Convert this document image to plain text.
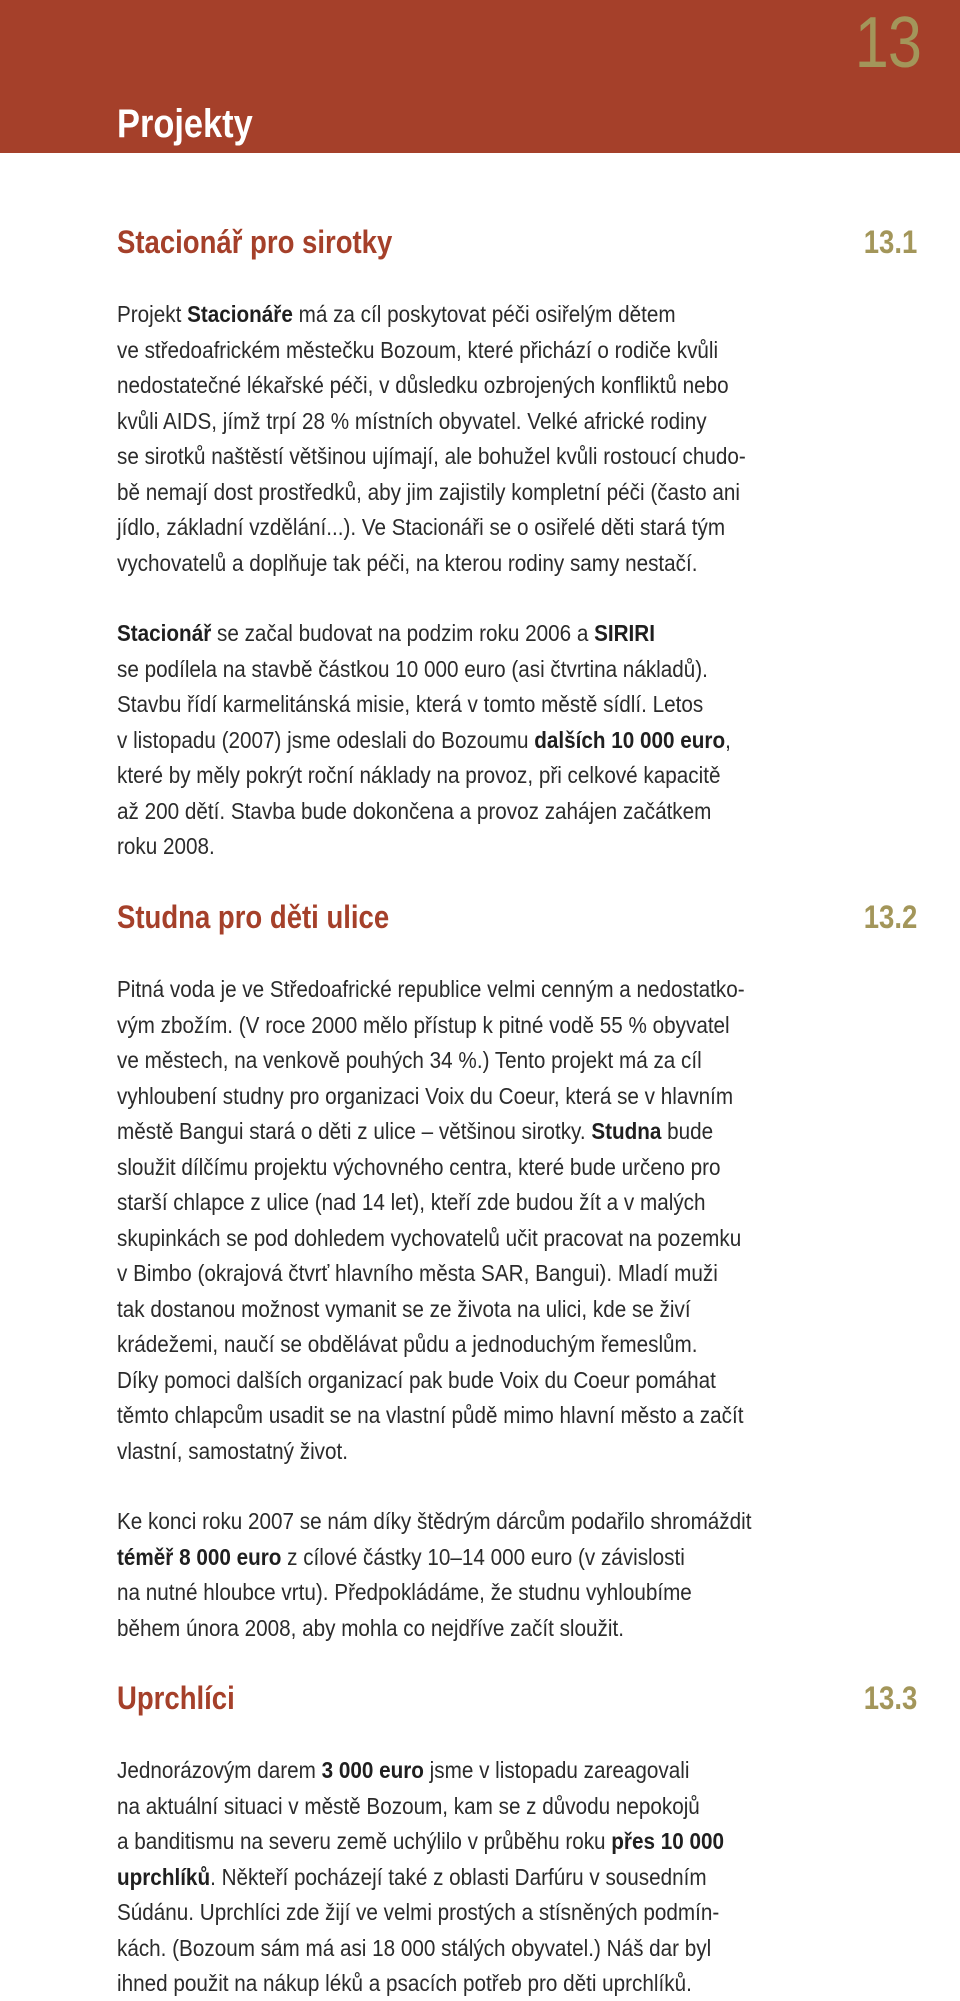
13
Projekty
Stacionář pro sirotky	13.1
Projekt Stacionáře má za cíl poskytovat péči osiřelým dětem
ve středoafrickém městečku Bozoum, které přichází o rodiče kvůli
nedostatečné lékařské péči, v důsledku ozbrojených konfliktů nebo
kvůli AIDS, jímž trpí 28 % místních obyvatel. Velké africké rodiny
se sirotků naštěstí většinou ujímají, ale bohužel kvůli rostoucí chudo-
bě nemají dost prostředků, aby jim zajistily kompletní péči (často ani
jídlo, základní vzdělání...). Ve Stacionáři se o osiřelé děti stará tým
vychovatelů a doplňuje tak péči, na kterou rodiny samy nestačí.
Stacionář se začal budovat na podzim roku 2006 a SIRIRI
se podílela na stavbě částkou 10 000 euro (asi čtvrtina nákladů).
Stavbu řídí karmelitánská misie, která v tomto městě sídlí. Letos
v listopadu (2007) jsme odeslali do Bozoumu dalších 10 000 euro,
které by měly pokrýt roční náklady na provoz, při celkové kapacitě
až 200 dětí. Stavba bude dokončena a provoz zahájen začátkem
roku 2008.
Studna pro děti ulice	13.2
Pitná voda je ve Středoafrické republice velmi cenným a nedostatko-
vým zbožím. (V roce 2000 mělo přístup k pitné vodě 55 % obyvatel
ve městech, na venkově pouhých 34 %.) Tento projekt má za cíl
vyhloubení studny pro organizaci Voix du Coeur, která se v hlavním
městě Bangui stará o děti z ulice – většinou sirotky. Studna bude
sloužit dílčímu projektu výchovného centra, které bude určeno pro
starší chlapce z ulice (nad 14 let), kteří zde budou žít a v malých
skupinkách se pod dohledem vychovatelů učit pracovat na pozemku
v Bimbo (okrajová čtvrť hlavního města SAR, Bangui). Mladí muži
tak dostanou možnost vymanit se ze života na ulici, kde se živí
krádežemi, naučí se obdělávat půdu a jednoduchým řemeslům.
Díky pomoci dalších organizací pak bude Voix du Coeur pomáhat
těmto chlapcům usadit se na vlastní půdě mimo hlavní město a začít
vlastní, samostatný život.
Ke konci roku 2007 se nám díky štědrým dárcům podařilo shromáždit
téměř 8 000 euro z cílové částky 10–14 000 euro (v závislosti
na nutné hloubce vrtu). Předpokládáme, že studnu vyhloubíme
během února 2008, aby mohla co nejdříve začít sloužit.
Uprchlíci	13.3
Jednorázovým darem 3 000 euro jsme v listopadu zareagovali
na aktuální situaci v městě Bozoum, kam se z důvodu nepokojů
a banditismu na severu země uchýlilo v průběhu roku přes 10 000
uprchlíků. Někteří pocházejí také z oblasti Darfúru v sousedním
Súdánu. Uprchlíci zde žijí ve velmi prostých a stísněných podmín-
kách. (Bozoum sám má asi 18 000 stálých obyvatel.) Náš dar byl
ihned použit na nákup léků a psacích potřeb pro děti uprchlíků.
